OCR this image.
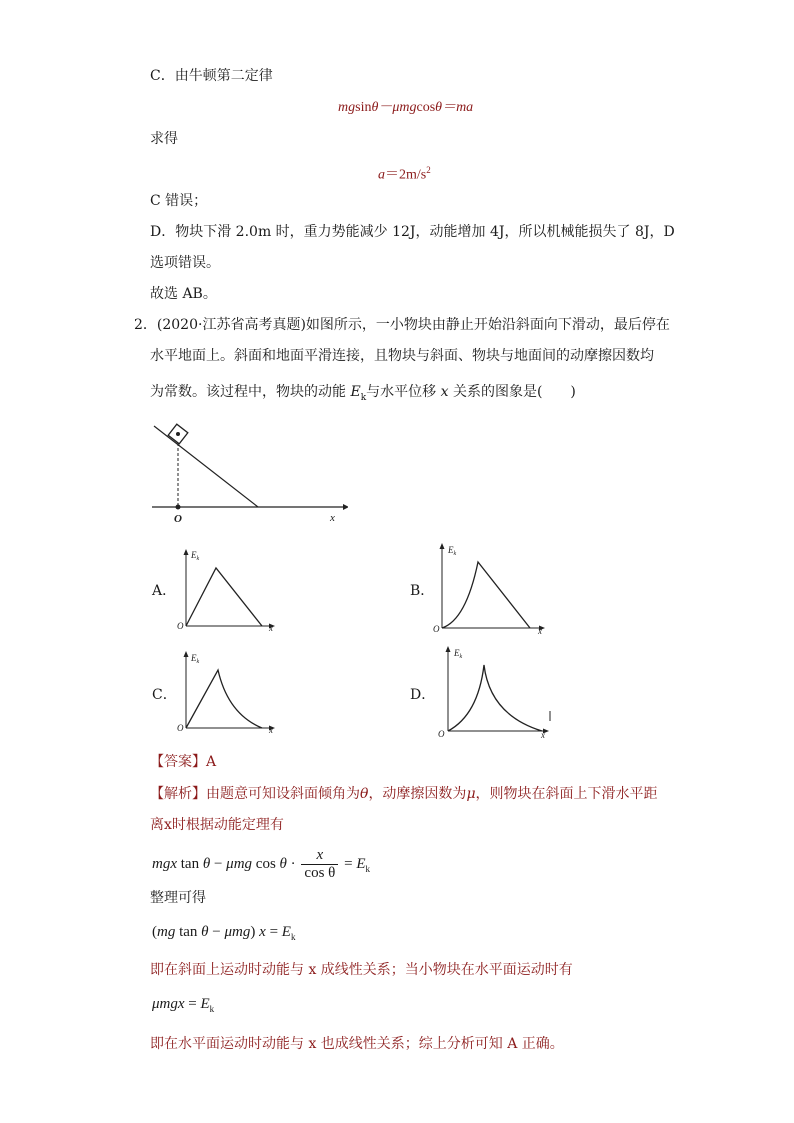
C．由牛顿第二定律
mgsinθ－μmgcosθ＝ma
求得
$a=2m/s^2$
C 错误；
D．物块下滑 2.0m 时，重力势能减少 12J，动能增加 4J，所以机械能损失了 8J，D
选项错误。
故选 AB。
2．(2020·江苏省高考真题)如图所示，一小物块由静止开始沿斜面向下滑动，最后停在
水平地面上。斜面和地面平滑连接，且物块与斜面、物块与地面间的动摩擦因数均
为常数。该过程中，物块的动能 $E_k$与水平位移 x 关系的图象是(　　)
O	x
A．
$E_k$
O	x
B．
$E_k$
O	x
C．
$E_k$
O	x
D．
$E_k$
O	x
【答案】A
【解析】由题意可知设斜面倾角为θ，动摩擦因数为μ，则物块在斜面上下滑水平距
离x时根据动能定理有
mgx tan θ − μmg $\cos \theta \cdot \frac{x}{\text{cos θ}} = E_k$
整理可得
(mg tan θ − μmg) $x = E_k$
即在斜面上运动时动能与 x 成线性关系；当小物块在水平面运动时有
$\mu mgx = E_k$
即在水平面运动时动能与 x 也成线性关系；综上分析可知 A 正确。
